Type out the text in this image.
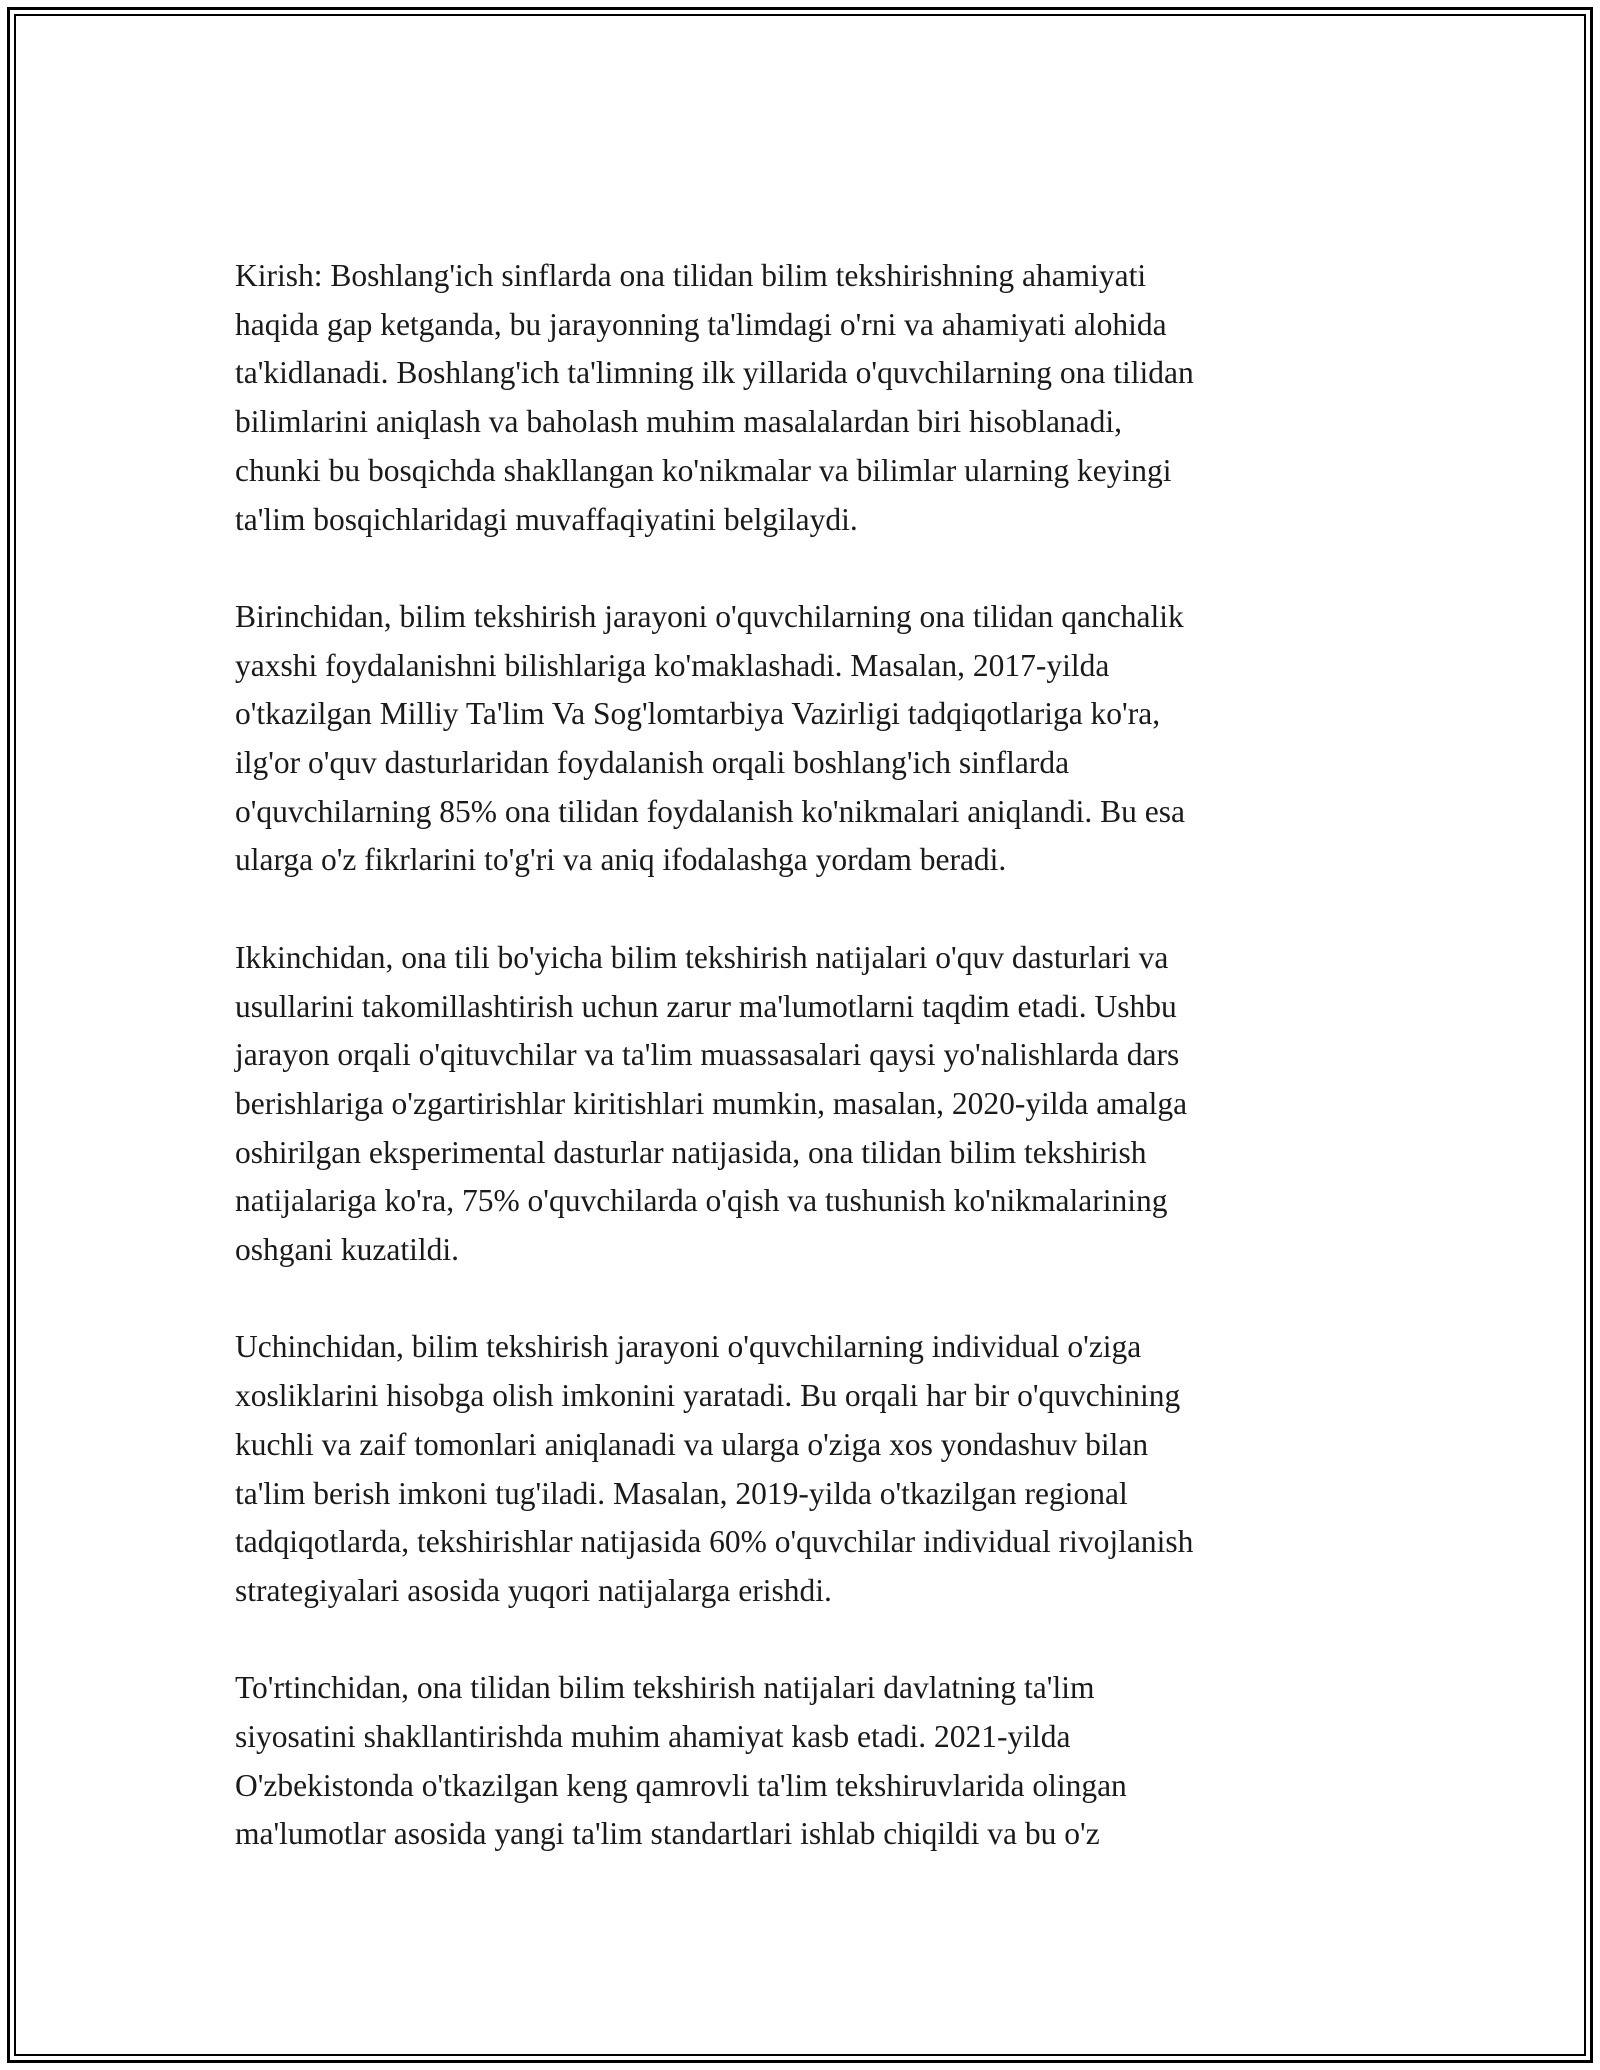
Kirish: Boshlang'ich sinflarda ona tilidan bilim tekshirishning ahamiyati
haqida gap ketganda, bu jarayonning ta'limdagi o'rni va ahamiyati alohida
ta'kidlanadi. Boshlang'ich ta'limning ilk yillarida o'quvchilarning ona tilidan
bilimlarini aniqlash va baholash muhim masalalardan biri hisoblanadi,
chunki bu bosqichda shakllangan ko'nikmalar va bilimlar ularning keyingi
ta'lim bosqichlaridagi muvaffaqiyatini belgilaydi.

Birinchidan, bilim tekshirish jarayoni o'quvchilarning ona tilidan qanchalik
yaxshi foydalanishni bilishlariga ko'maklashadi. Masalan, 2017-yilda
o'tkazilgan Milliy Ta'lim Va Sog'lomtarbiya Vazirligi tadqiqotlariga ko'ra,
ilg'or o'quv dasturlaridan foydalanish orqali boshlang'ich sinflarda
o'quvchilarning 85% ona tilidan foydalanish ko'nikmalari aniqlandi. Bu esa
ularga o'z fikrlarini to'g'ri va aniq ifodalashga yordam beradi.

Ikkinchidan, ona tili bo'yicha bilim tekshirish natijalari o'quv dasturlari va
usullarini takomillashtirish uchun zarur ma'lumotlarni taqdim etadi. Ushbu
jarayon orqali o'qituvchilar va ta'lim muassasalari qaysi yo'nalishlarda dars
berishlariga o'zgartirishlar kiritishlari mumkin, masalan, 2020-yilda amalga
oshirilgan eksperimental dasturlar natijasida, ona tilidan bilim tekshirish
natijalariga ko'ra, 75% o'quvchilarda o'qish va tushunish ko'nikmalarining
oshgani kuzatildi.

Uchinchidan, bilim tekshirish jarayoni o'quvchilarning individual o'ziga
xosliklarini hisobga olish imkonini yaratadi. Bu orqali har bir o'quvchining
kuchli va zaif tomonlari aniqlanadi va ularga o'ziga xos yondashuv bilan
ta'lim berish imkoni tug'iladi. Masalan, 2019-yilda o'tkazilgan regional
tadqiqotlarda, tekshirishlar natijasida 60% o'quvchilar individual rivojlanish
strategiyalari asosida yuqori natijalarga erishdi.

To'rtinchidan, ona tilidan bilim tekshirish natijalari davlatning ta'lim
siyosatini shakllantirishda muhim ahamiyat kasb etadi. 2021-yilda
O'zbekistonda o'tkazilgan keng qamrovli ta'lim tekshiruvlarida olingan
ma'lumotlar asosida yangi ta'lim standartlari ishlab chiqildi va bu o'z
